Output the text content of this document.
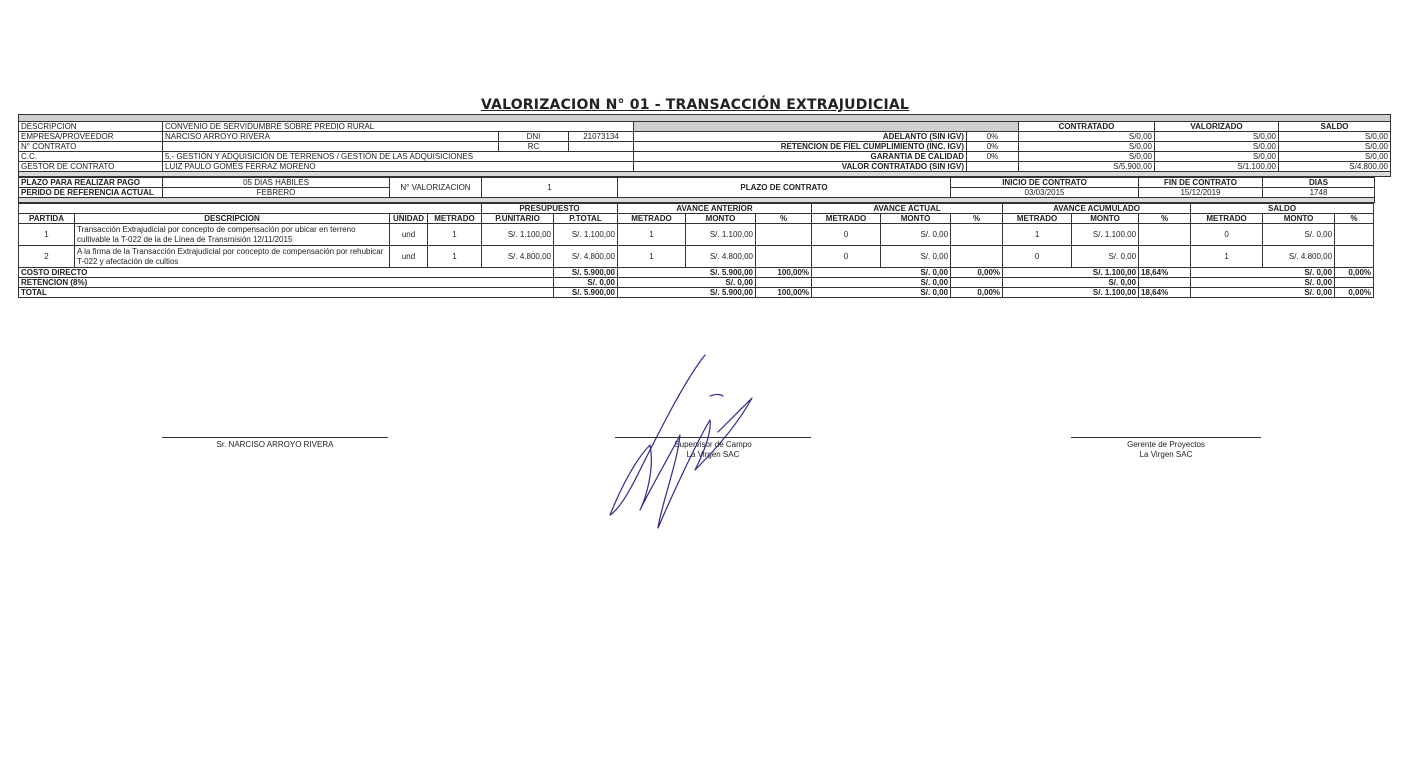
VALORIZACION N° 01 - TRANSACCIÓN EXTRAJUDICIAL

DESCRIPCION	CONVENIO DE SERVIDUMBRE SOBRE PREDIO RURAL					CONTRATADO	VALORIZADO	SALDO
EMPRESA/PROVEEDOR	NARCISO ARROYO RIVERA	DNI	21073134	ADELANTO (SIN IGV)	0%	S/0,00	S/0,00	S/0,00
N° CONTRATO		RC		RETENCION DE FIEL CUMPLIMIENTO (INC. IGV)	0%	S/0,00	S/0,00	S/0,00
C.C.	5.- GESTIÓN Y ADQUISICIÓN DE TERRENOS / GESTIÓN DE LAS ADQUISICIONES			GARANTIA DE CALIDAD	0%	S/0,00	S/0,00	S/0,00
GESTOR DE CONTRATO	LUIZ PAULO GOMES FERRAZ MORENO			VALOR CONTRATADO (SIN IGV)		S/5.900,00	S/1.100,00	S/4.800,00

PLAZO PARA REALIZAR PAGO	05 DIAS HABILES	N° VALORIZACION	1	PLAZO DE CONTRATO	INICIO DE CONTRATO	FIN DE CONTRATO	DIAS
PERIDO DE REFERENCIA ACTUAL	FEBRERO				03/03/2015	15/12/2019	1748

				PRESUPUESTO		AVANCE ANTERIOR			AVANCE ACTUAL			AVANCE ACUMULADO			SALDO		
PARTIDA	DESCRIPCION	UNIDAD	METRADO	P.UNITARIO	P.TOTAL	METRADO	MONTO	%	METRADO	MONTO	%	METRADO	MONTO	%	METRADO	MONTO	%
1	Transacción Extrajudicial por concepto de compensación por ubicar en terreno cultivable la T-022 de la de Línea de Transmisión 12/11/2015	und	1	S/. 1.100,00	S/. 1.100,00	1	S/. 1.100,00		0	S/. 0,00		1	S/. 1.100,00		0	S/. 0,00	
2	A la firma de la Transacción Extrajudicial por concepto de compensación por rehubicar T-022 y afectación de cultios	und	1	S/. 4.800,00	S/. 4.800,00	1	S/. 4.800,00		0	S/. 0,00		0	S/. 0,00		1	S/. 4.800,00	
COSTO DIRECTO					S/. 5.900,00	S/. 5.900,00		100,00%	S/. 0,00		0,00%	S/. 1.100,00		18,64%	S/. 0,00		0,00%
RETENCION (8%)					S/. 0,00	S/. 0,00			S/. 0,00			S/. 0,00			S/. 0,00		
TOTAL					S/. 5.900,00	S/. 5.900,00		100,00%	S/. 0,00		0,00%	S/. 1.100,00		18,64%	S/. 0,00		0,00%
Sr. NARCISO ARROYO RIVERA	Supervisor de Campo
La Virgen SAC
Gerente de Proyectos
La Virgen SAC
